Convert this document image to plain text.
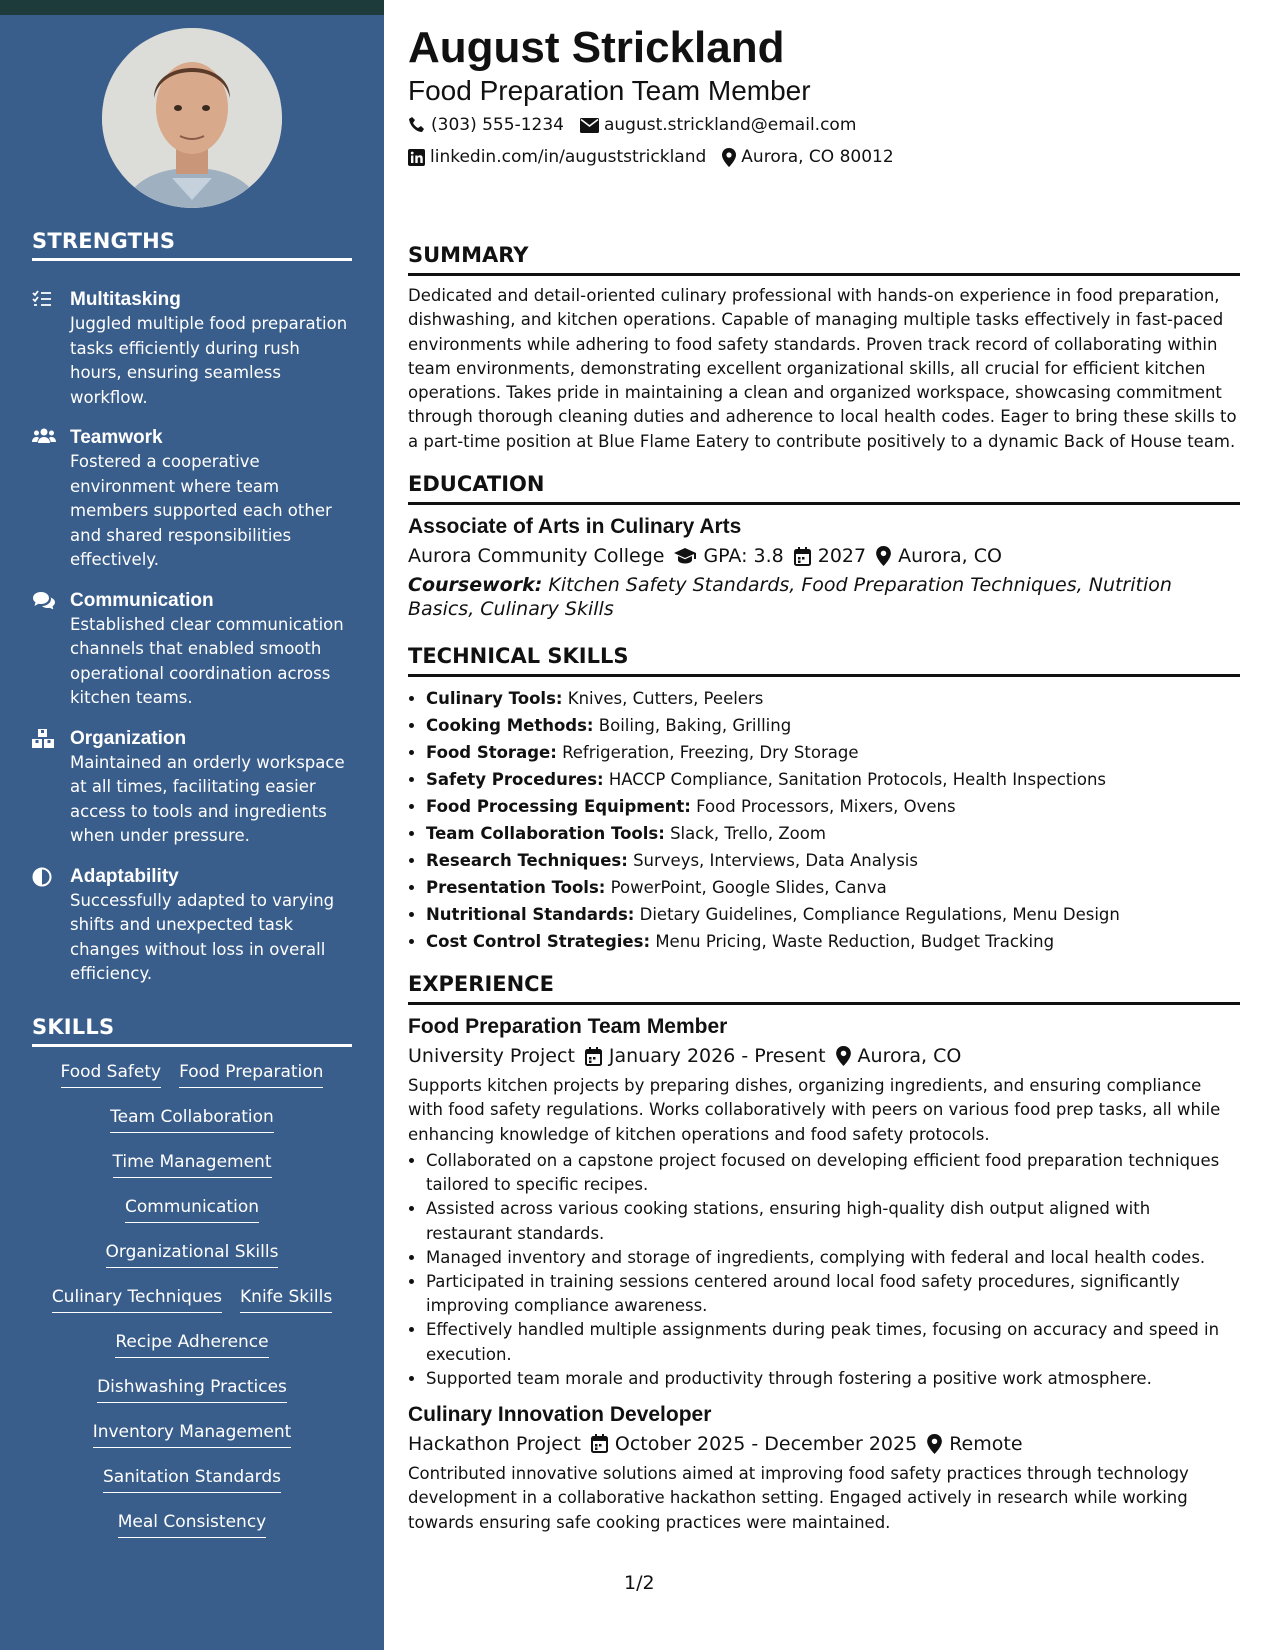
STRENGTHS
Multitasking
Juggled multiple food preparation tasks efficiently during rush hours, ensuring seamless workflow.
Teamwork
Fostered a cooperative environment where team members supported each other and shared responsibilities effectively.
Communication
Established clear communication channels that enabled smooth operational coordination across kitchen teams.
Organization
Maintained an orderly workspace at all times, facilitating easier access to tools and ingredients when under pressure.
Adaptability
Successfully adapted to varying shifts and unexpected task changes without loss in overall efficiency.
SKILLS
Food Safety Food Preparation
Team Collaboration
Time Management
Communication
Organizational Skills
Culinary Techniques Knife Skills
Recipe Adherence
Dishwashing Practices
Inventory Management
Sanitation Standards
Meal Consistency
August Strickland
Food Preparation Team Member
(303) 555-1234 august.strickland@email.com
linkedin.com/in/auguststrickland Aurora, CO 80012
SUMMARY

Dedicated and detail-oriented culinary professional with hands-on experience in food preparation, dishwashing, and kitchen operations. Capable of managing multiple tasks effectively in fast-paced environments while adhering to food safety standards. Proven track record of collaborating within team environments, demonstrating excellent organizational skills, all crucial for efficient kitchen operations. Takes pride in maintaining a clean and organized workspace, showcasing commitment through thorough cleaning duties and adherence to local health codes. Eager to bring these skills to a part-time position at Blue Flame Eatery to contribute positively to a dynamic Back of House team.

EDUCATION
Associate of Arts in Culinary Arts
Aurora Community College GPA: 3.8 2027 Aurora, CO
Coursework: Kitchen Safety Standards, Food Preparation Techniques, Nutrition Basics, Culinary Skills
TECHNICAL SKILLS
• Culinary Tools: Knives, Cutters, Peelers
• Cooking Methods: Boiling, Baking, Grilling
• Food Storage: Refrigeration, Freezing, Dry Storage
• Safety Procedures: HACCP Compliance, Sanitation Protocols, Health Inspections
• Food Processing Equipment: Food Processors, Mixers, Ovens
• Team Collaboration Tools: Slack, Trello, Zoom
• Research Techniques: Surveys, Interviews, Data Analysis
• Presentation Tools: PowerPoint, Google Slides, Canva
• Nutritional Standards: Dietary Guidelines, Compliance Regulations, Menu Design
• Cost Control Strategies: Menu Pricing, Waste Reduction, Budget Tracking
EXPERIENCE
Food Preparation Team Member
University Project January 2026 - Present Aurora, CO

Supports kitchen projects by preparing dishes, organizing ingredients, and ensuring compliance with food safety regulations. Works collaboratively with peers on various food prep tasks, all while enhancing knowledge of kitchen operations and food safety protocols.

• Collaborated on a capstone project focused on developing efficient food preparation techniques tailored to specific recipes.
• Assisted across various cooking stations, ensuring high-quality dish output aligned with restaurant standards.
• Managed inventory and storage of ingredients, complying with federal and local health codes.
• Participated in training sessions centered around local food safety procedures, significantly improving compliance awareness.
• Effectively handled multiple assignments during peak times, focusing on accuracy and speed in execution.
• Supported team morale and productivity through fostering a positive work atmosphere.
Culinary Innovation Developer
Hackathon Project October 2025 - December 2025 Remote

Contributed innovative solutions aimed at improving food safety practices through technology development in a collaborative hackathon setting. Engaged actively in research while working towards ensuring safe cooking practices were maintained.

1/2
